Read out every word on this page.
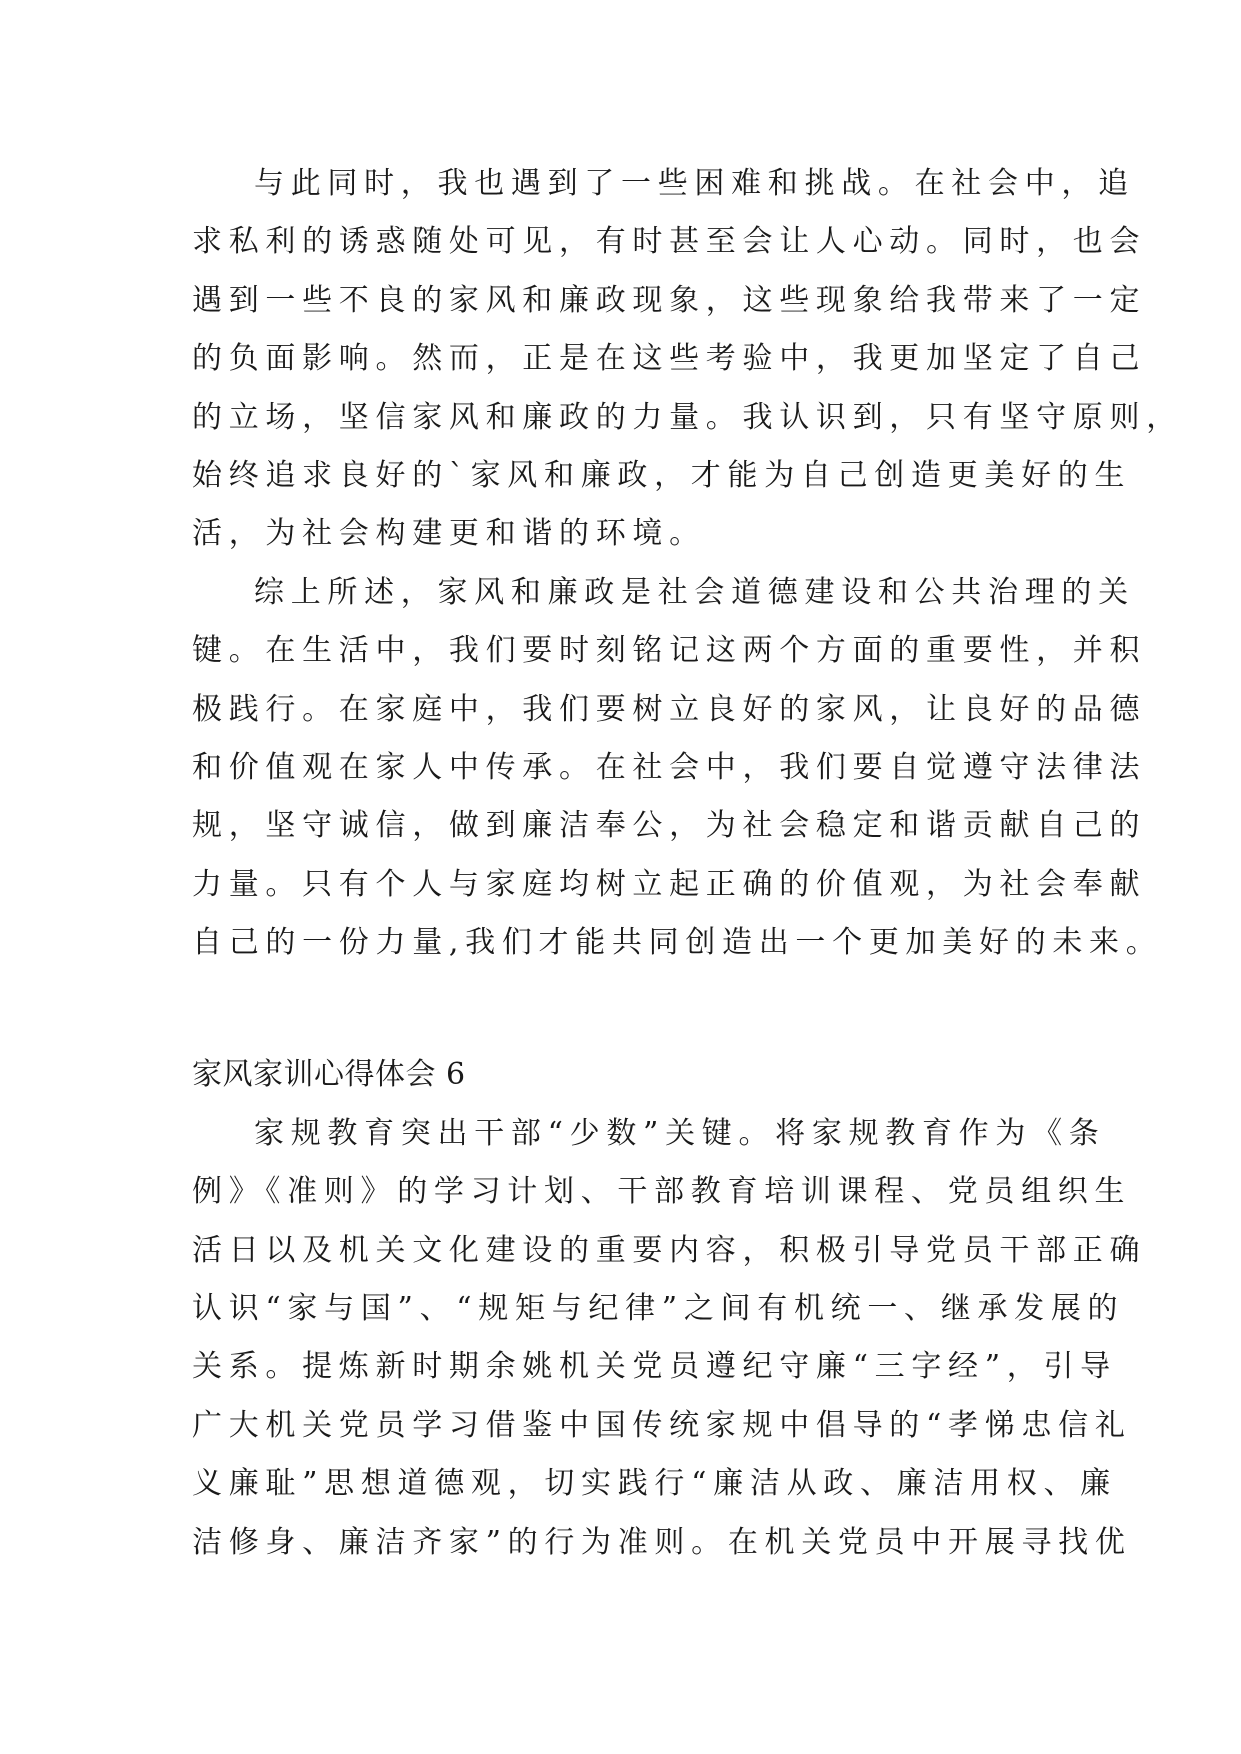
与此同时，我也遇到了一些困难和挑战。在社会中，追
求私利的诱惑随处可见，有时甚至会让人心动。同时，也会
遇到一些不良的家风和廉政现象，这些现象给我带来了一定
的负面影响。然而，正是在这些考验中，我更加坚定了自己
的立场，坚信家风和廉政的力量。我认识到，只有坚守原则，
始终追求良好的`家风和廉政，才能为自己创造更美好的生
活，为社会构建更和谐的环境。
综上所述，家风和廉政是社会道德建设和公共治理的关
键。在生活中，我们要时刻铭记这两个方面的重要性，并积
极践行。在家庭中，我们要树立良好的家风，让良好的品德
和价值观在家人中传承。在社会中，我们要自觉遵守法律法
规，坚守诚信，做到廉洁奉公，为社会稳定和谐贡献自己的
力量。只有个人与家庭均树立起正确的价值观，为社会奉献
自己的一份力量,我们才能共同创造出一个更加美好的未来。
家风家训心得体会 6
家规教育突出干部“少数”关键。将家规教育作为《条
例》《准则》的学习计划、干部教育培训课程、党员组织生
活日以及机关文化建设的重要内容，积极引导党员干部正确
认识“家与国”、“规矩与纪律”之间有机统一、继承发展的
关系。提炼新时期余姚机关党员遵纪守廉“三字经”，引导
广大机关党员学习借鉴中国传统家规中倡导的“孝悌忠信礼
义廉耻”思想道德观，切实践行“廉洁从政、廉洁用权、廉
洁修身、廉洁齐家”的行为准则。在机关党员中开展寻找优
